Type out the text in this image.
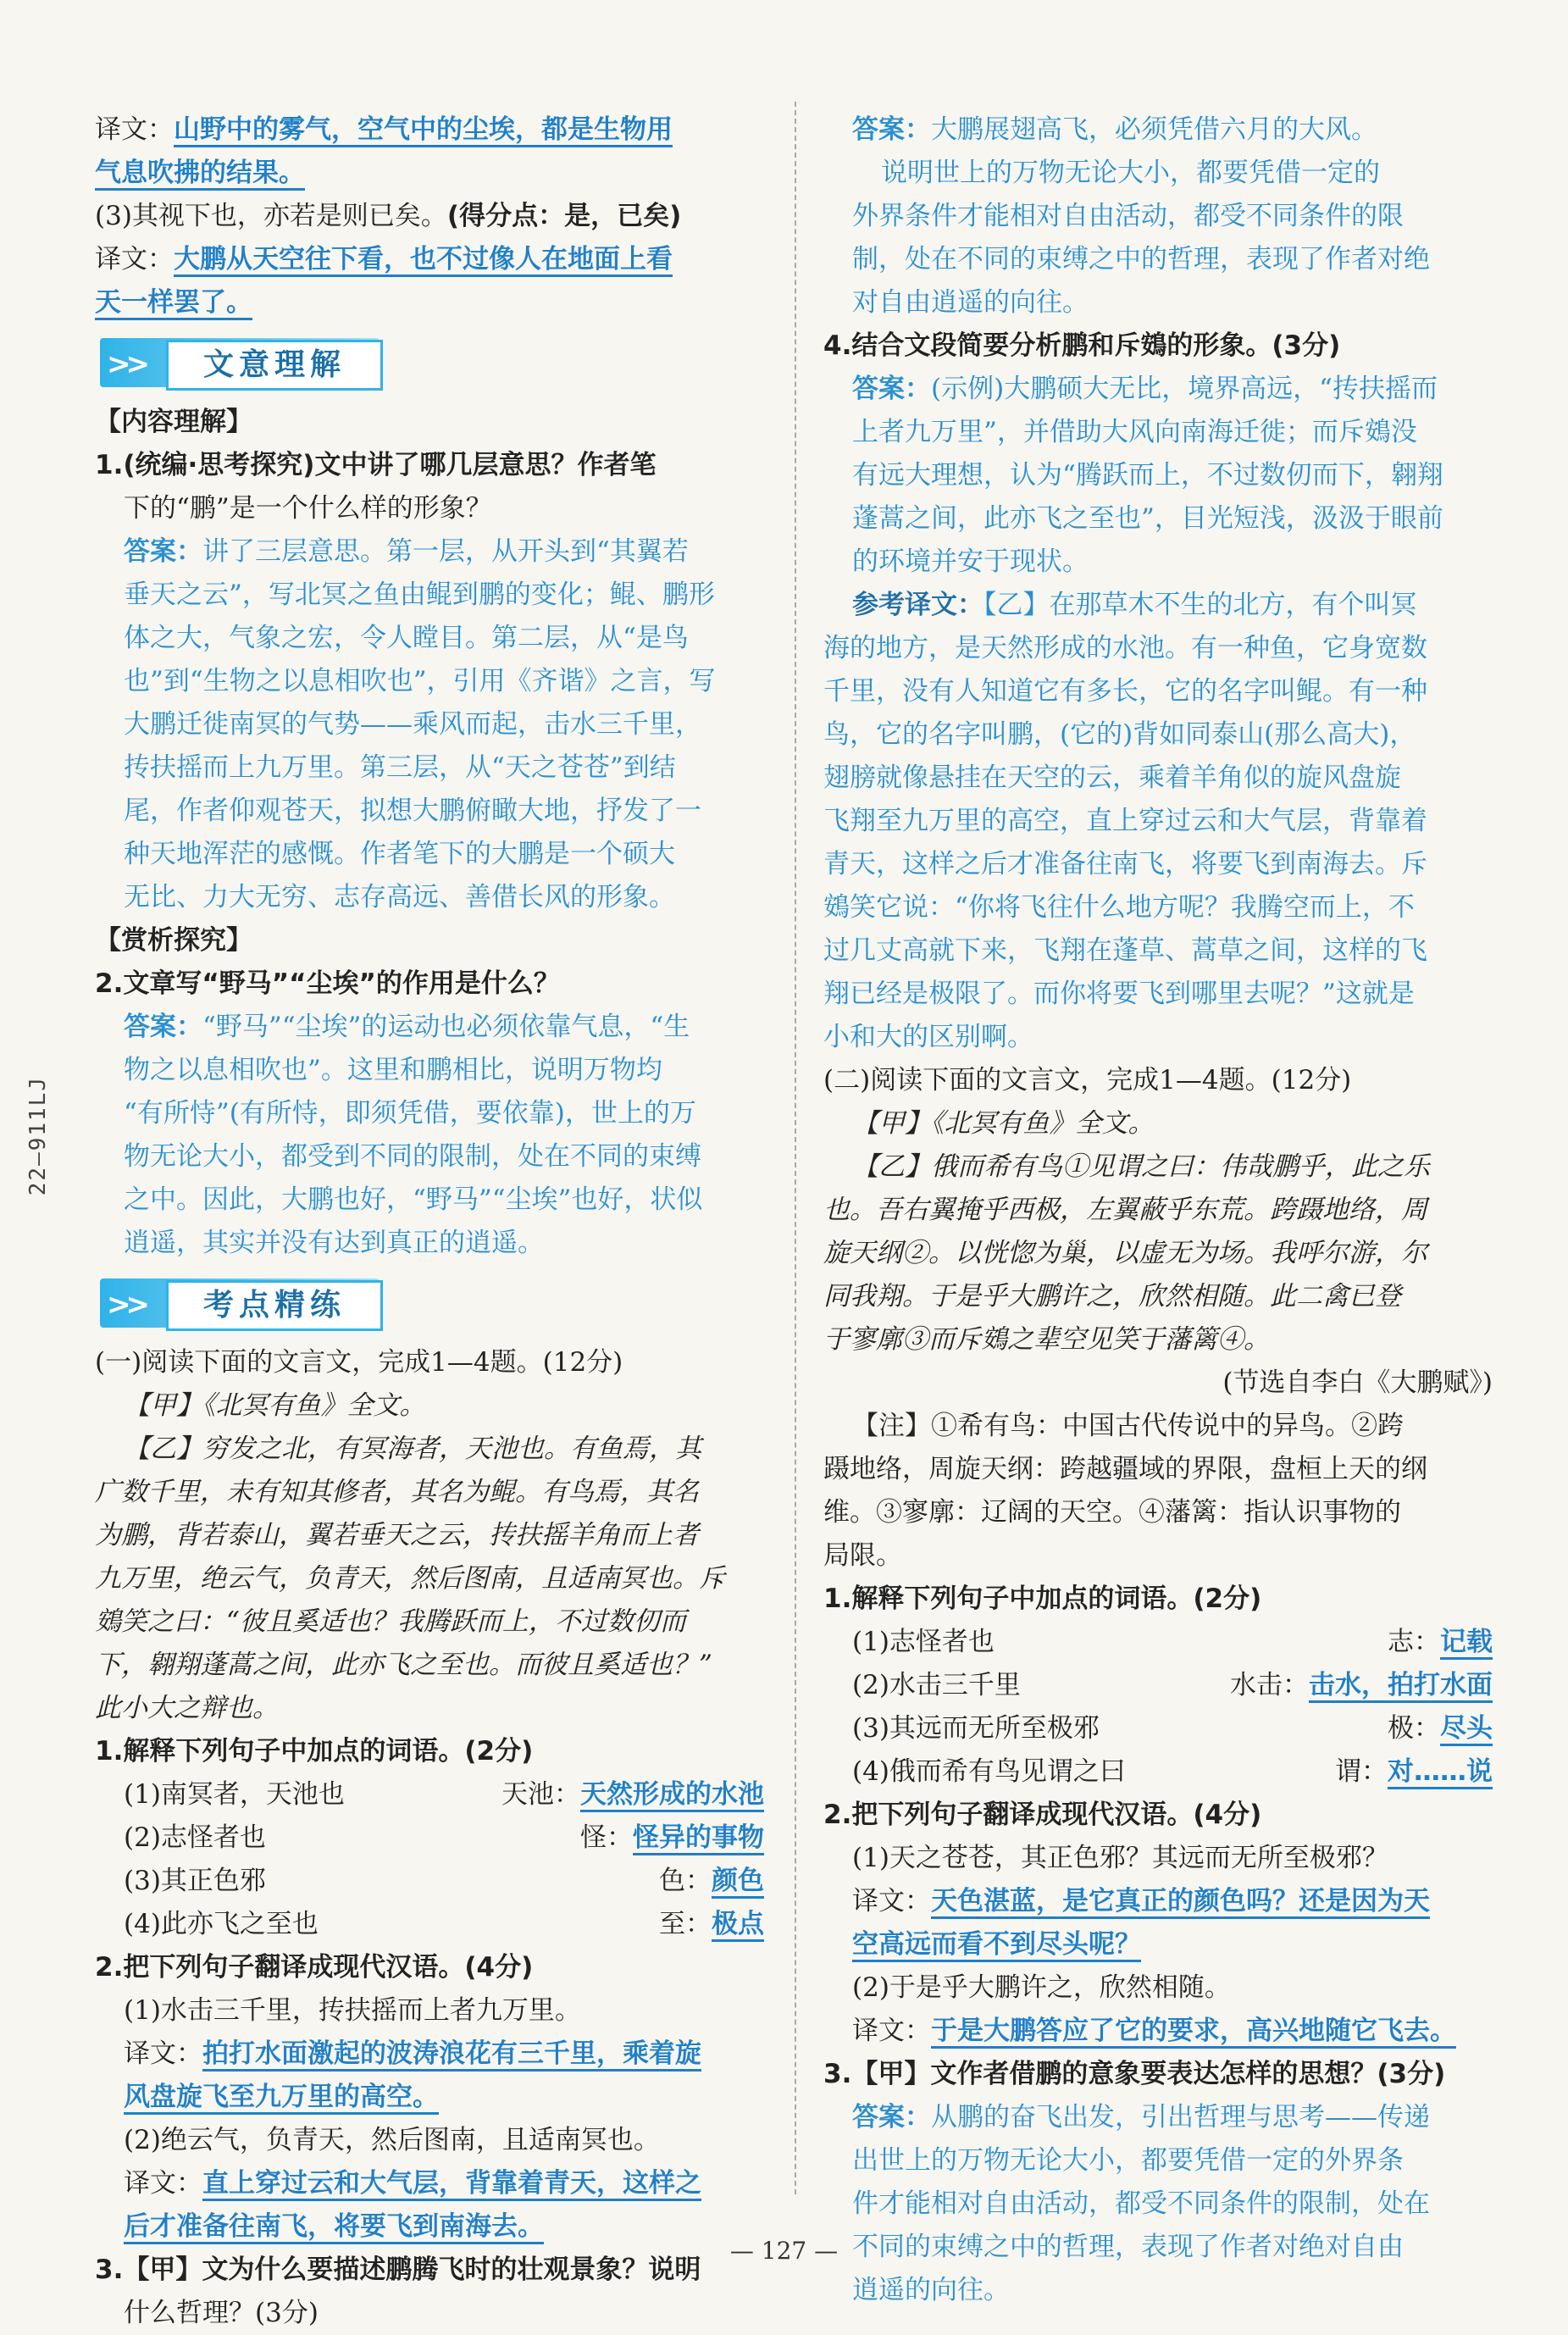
22—911LJ
译文：山野中的雾气，空气中的尘埃，都是生物用
气息吹拂的结果。
(3)其视下也，亦若是则已矣。(得分点：是，已矣)
译文：大鹏从天空往下看，也不过像人在地面上看
天一样罢了。
>>	文意理解
【内容理解】
1.(统编·思考探究)文中讲了哪几层意思？作者笔
下的“鹏”是一个什么样的形象？
答案：讲了三层意思。第一层，从开头到“其翼若
垂天之云”，写北冥之鱼由鲲到鹏的变化；鲲、鹏形
体之大，气象之宏，令人瞠目。第二层，从“是鸟
也”到“生物之以息相吹也”，引用《齐谐》之言，写
大鹏迁徙南冥的气势——乘风而起，击水三千里，
抟扶摇而上九万里。第三层，从“天之苍苍”到结
尾，作者仰观苍天，拟想大鹏俯瞰大地，抒发了一
种天地浑茫的感慨。作者笔下的大鹏是一个硕大
无比、力大无穷、志存高远、善借长风的形象。
【赏析探究】
2.文章写“野马”“尘埃”的作用是什么？
答案：“野马”“尘埃”的运动也必须依靠气息，“生
物之以息相吹也”。这里和鹏相比，说明万物均
“有所恃”(有所恃，即须凭借，要依靠)，世上的万
物无论大小，都受到不同的限制，处在不同的束缚
之中。因此，大鹏也好，“野马”“尘埃”也好，状似
逍遥，其实并没有达到真正的逍遥。
>>	考点精练
(一)阅读下面的文言文，完成1—4题。(12分)
【甲】《北冥有鱼》全文。
【乙】穷发之北，有冥海者，天池也。有鱼焉，其
广数千里，未有知其修者，其名为鲲。有鸟焉，其名
为鹏，背若泰山，翼若垂天之云，抟扶摇羊角而上者
九万里，绝云气，负青天，然后图南，且适南冥也。斥
鴳笑之曰：“彼且奚适也？我腾跃而上，不过数仞而
下，翱翔蓬蒿之间，此亦飞之至也。而彼且奚适也？”
此小大之辩也。
1.解释下列句子中加点的词语。(2分)
(1)南冥者，天池也	天池：天然形成的水池
(2)志怪者也	怪：怪异的事物
(3)其正色邪	色：颜色
(4)此亦飞之至也	至：极点
2.把下列句子翻译成现代汉语。(4分)
(1)水击三千里，抟扶摇而上者九万里。
译文：拍打水面激起的波涛浪花有三千里，乘着旋
风盘旋飞至九万里的高空。
(2)绝云气，负青天，然后图南，且适南冥也。
译文：直上穿过云和大气层，背靠着青天，这样之
后才准备往南飞，将要飞到南海去。
3.【甲】文为什么要描述鹏腾飞时的壮观景象？说明
什么哲理？(3分)
答案：大鹏展翅高飞，必须凭借六月的大风。
说明世上的万物无论大小，都要凭借一定的
外界条件才能相对自由活动，都受不同条件的限
制，处在不同的束缚之中的哲理，表现了作者对绝
对自由逍遥的向往。
4.结合文段简要分析鹏和斥鴳的形象。(3分)
答案：(示例)大鹏硕大无比，境界高远，“抟扶摇而
上者九万里”，并借助大风向南海迁徙；而斥鴳没
有远大理想，认为“腾跃而上，不过数仞而下，翱翔
蓬蒿之间，此亦飞之至也”，目光短浅，汲汲于眼前
的环境并安于现状。
参考译文：【乙】在那草木不生的北方，有个叫冥
海的地方，是天然形成的水池。有一种鱼，它身宽数
千里，没有人知道它有多长，它的名字叫鲲。有一种
鸟，它的名字叫鹏，(它的)背如同泰山(那么高大)，
翅膀就像悬挂在天空的云，乘着羊角似的旋风盘旋
飞翔至九万里的高空，直上穿过云和大气层，背靠着
青天，这样之后才准备往南飞，将要飞到南海去。斥
鴳笑它说：“你将飞往什么地方呢？我腾空而上，不
过几丈高就下来，飞翔在蓬草、蒿草之间，这样的飞
翔已经是极限了。而你将要飞到哪里去呢？”这就是
小和大的区别啊。
(二)阅读下面的文言文，完成1—4题。(12分)
【甲】《北冥有鱼》全文。
【乙】俄而希有鸟①见谓之曰：伟哉鹏乎，此之乐
也。吾右翼掩乎西极，左翼蔽乎东荒。跨蹑地络，周
旋天纲②。以恍惚为巢，以虚无为场。我呼尔游，尔
同我翔。于是乎大鹏许之，欣然相随。此二禽已登
于寥廓③而斥鴳之辈空见笑于藩篱④。
(节选自李白《大鹏赋》)
【注】①希有鸟：中国古代传说中的异鸟。②跨
蹑地络，周旋天纲：跨越疆域的界限，盘桓上天的纲
维。③寥廓：辽阔的天空。④藩篱：指认识事物的
局限。
1.解释下列句子中加点的词语。(2分)
(1)志怪者也	志：记载
(2)水击三千里	水击：击水，拍打水面
(3)其远而无所至极邪	极：尽头
(4)俄而希有鸟见谓之曰	谓：对……说
2.把下列句子翻译成现代汉语。(4分)
(1)天之苍苍，其正色邪？其远而无所至极邪？
译文：天色湛蓝，是它真正的颜色吗？还是因为天
空高远而看不到尽头呢？
(2)于是乎大鹏许之，欣然相随。
译文：于是大鹏答应了它的要求，高兴地随它飞去。
3.【甲】文作者借鹏的意象要表达怎样的思想？(3分)
答案：从鹏的奋飞出发，引出哲理与思考——传递
出世上的万物无论大小，都要凭借一定的外界条
件才能相对自由活动，都受不同条件的限制，处在
不同的束缚之中的哲理，表现了作者对绝对自由
逍遥的向往。
— 127 —
